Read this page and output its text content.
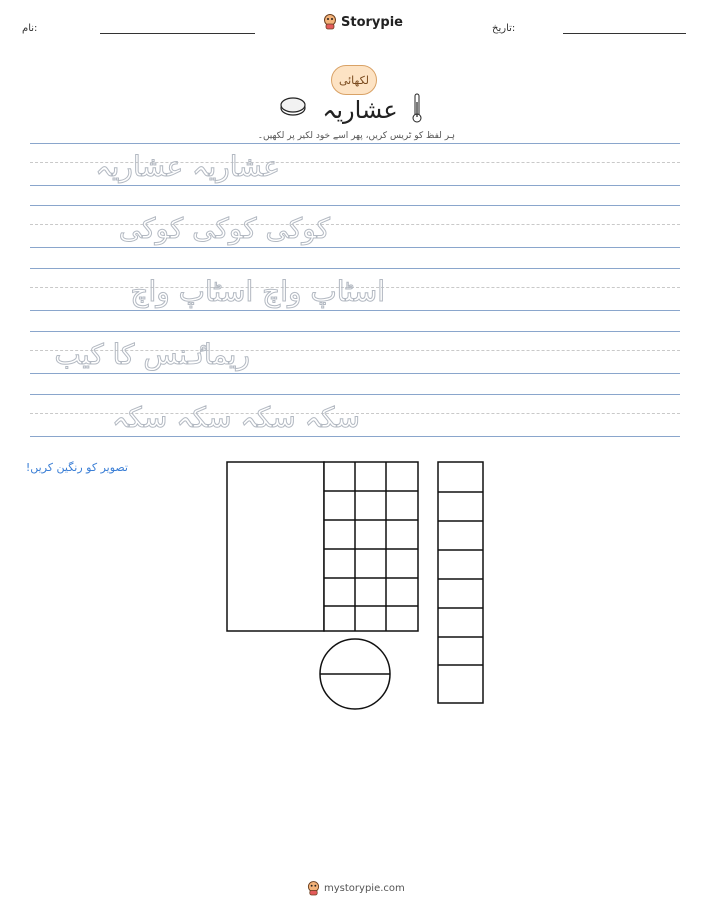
نام:	Storypie	تاریخ:
لکھائی
عشاریہ
ہر لفظ کو ٹریس کریں، پھر اسے خود لکیر پر لکھیں۔
عشاریہ عشاریہ
کوکی کوکی کوکی
اسٹاپ واچ اسٹاپ واچ
ریماٸنس کا کیب
سکہ سکہ سکہ سکہ
تصویر کو رنگین کریں!
mystorypie.com
